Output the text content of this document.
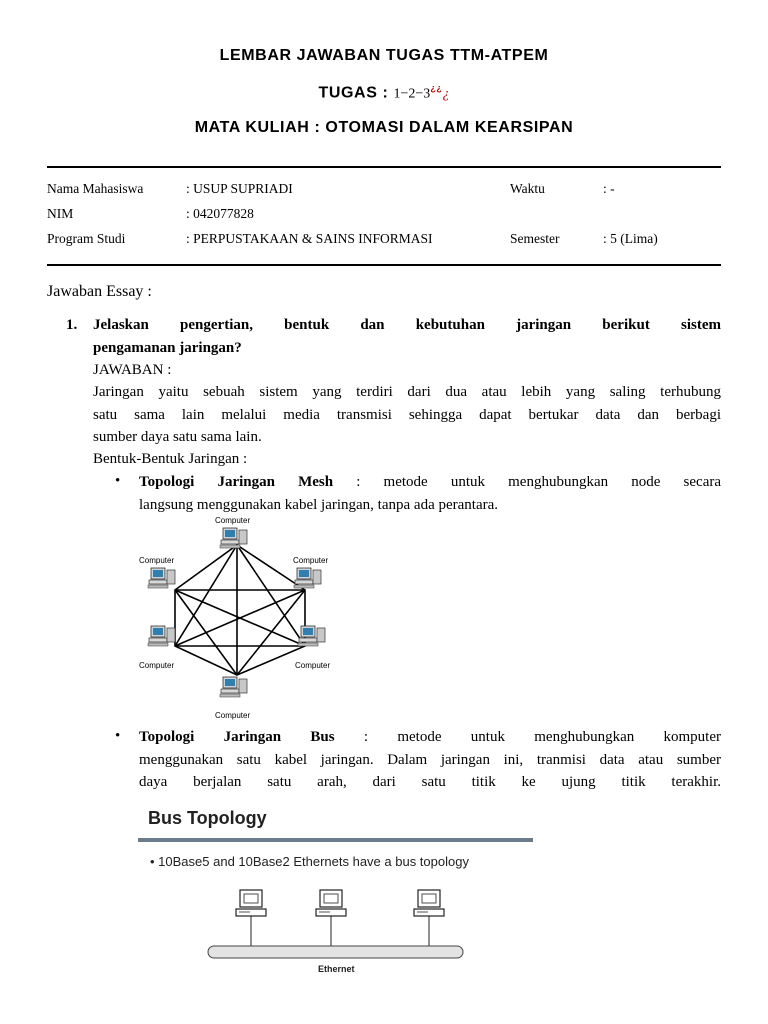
LEMBAR JAWABAN TUGAS TTM-ATPEM
TUGAS : 1−2−3¿¿¿
MATA KULIAH : OTOMASI DALAM KEARSIPAN
Nama Mahasiswa	: USUP SUPRIADI	Waktu	: -
NIM	: 042077828
Program Studi	: PERPUSTAKAAN & SAINS INFORMASI	Semester	: 5 (Lima)
Jawaban Essay :
1. Jelaskan pengertian, bentuk dan kebutuhan jaringan berikut sistem
pengamanan jaringan?
JAWABAN :
Jaringan yaitu sebuah sistem yang terdiri dari dua atau lebih yang saling terhubung
satu sama lain melalui media transmisi sehingga dapat bertukar data dan berbagi
sumber daya satu sama lain.
Bentuk-Bentuk Jaringan :
• Topologi Jaringan Mesh : metode untuk menghubungkan node secara
langsung menggunakan kabel jaringan, tanpa ada perantara.
Computer
Computer
Computer
Computer
Computer
Computer
• Topologi Jaringan Bus : metode untuk menghubungkan komputer
menggunakan satu kabel jaringan. Dalam jaringan ini, tranmisi data atau sumber
daya berjalan satu arah, dari satu titik ke ujung titik terakhir.
Bus Topology
• 10Base5 and 10Base2 Ethernets have a bus topology
Ethernet
